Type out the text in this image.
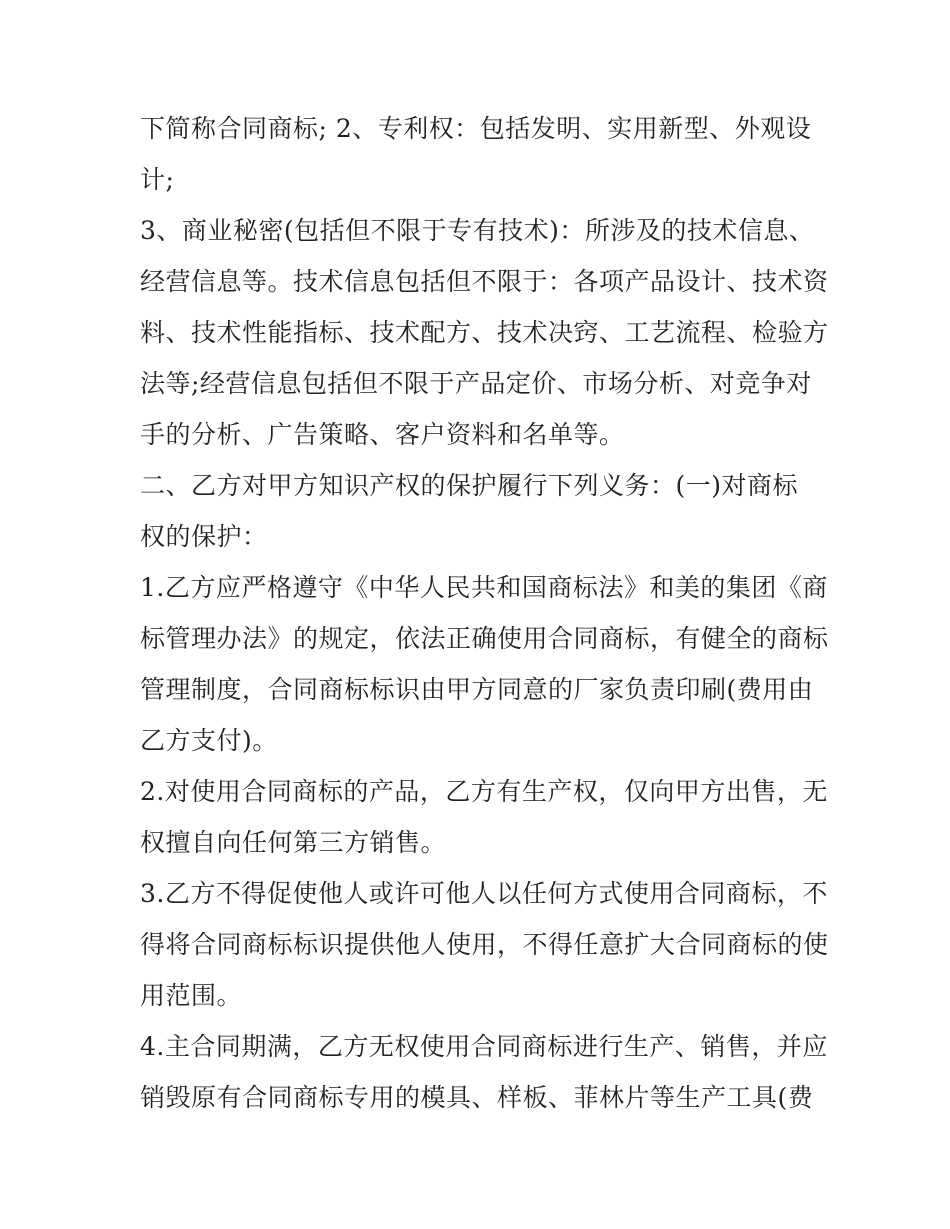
下简称合同商标; 2、专利权：包括发明、实用新型、外观设
计;
3、商业秘密(包括但不限于专有技术)：所涉及的技术信息、
经营信息等。技术信息包括但不限于：各项产品设计、技术资
料、技术性能指标、技术配方、技术决窍、工艺流程、检验方
法等;经营信息包括但不限于产品定价、市场分析、对竞争对
手的分析、广告策略、客户资料和名单等。
二、乙方对甲方知识产权的保护履行下列义务：(一)对商标
权的保护：
1.乙方应严格遵守《中华人民共和国商标法》和美的集团《商
标管理办法》的规定，依法正确使用合同商标，有健全的商标
管理制度，合同商标标识由甲方同意的厂家负责印刷(费用由
乙方支付)。
2.对使用合同商标的产品，乙方有生产权，仅向甲方出售，无
权擅自向任何第三方销售。
3.乙方不得促使他人或许可他人以任何方式使用合同商标，不
得将合同商标标识提供他人使用，不得任意扩大合同商标的使
用范围。
4.主合同期满，乙方无权使用合同商标进行生产、销售，并应
销毁原有合同商标专用的模具、样板、菲林片等生产工具(费
